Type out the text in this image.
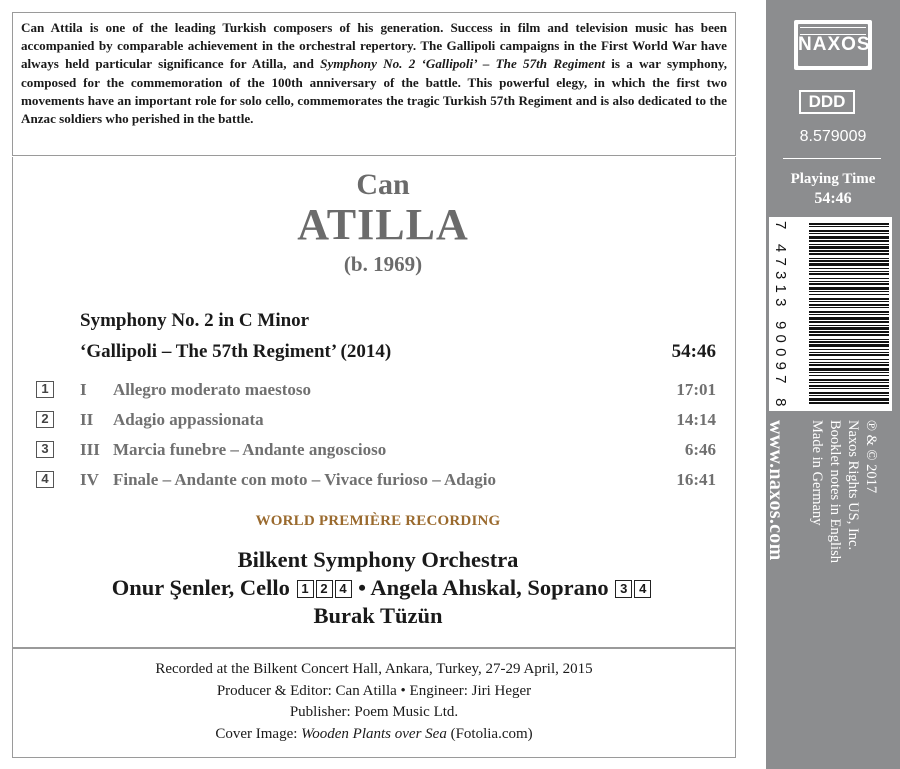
Can Attila is one of the leading Turkish composers of his generation. Success in film and television music has been accompanied by comparable achievement in the orchestral repertory. The Gallipoli campaigns in the First World War have always held particular significance for Atilla, and Symphony No. 2 ‘Gallipoli’ – The 57th Regiment is a war symphony, composed for the commemoration of the 100th anniversary of the battle. This powerful elegy, in which the first two movements have an important role for solo cello, commemorates the tragic Turkish 57th Regiment and is also dedicated to the Anzac soldiers who perished in the battle.
Can
ATILLA
(b. 1969)
Symphony No. 2 in C Minor
‘Gallipoli – The 57th Regiment’ (2014)	54:46
1	I Allegro moderato maestoso	17:01
2	II Adagio appassionata	14:14
3	III Marcia funebre – Andante angoscioso	6:46
4	IV Finale – Andante con moto – Vivace furioso – Adagio	16:41
WORLD PREMIÈRE RECORDING
Bilkent Symphony Orchestra
Onur Şenler, Cello 1 2 4 • Angela Ahıskal, Soprano 3 4
Burak Tüzün
Recorded at the Bilkent Concert Hall, Ankara, Turkey, 27-29 April, 2015
Producer & Editor: Can Atilla • Engineer: Jiri Heger
Publisher: Poem Music Ltd.
Cover Image: Wooden Plants over Sea (Fotolia.com)
NAXOS
DDD
8.579009
Playing Time
54:46
7 47313 90097 8
www.naxos.com	℗ & © 2017
Naxos Rights US, Inc.
Booklet notes in English
Made in Germany
